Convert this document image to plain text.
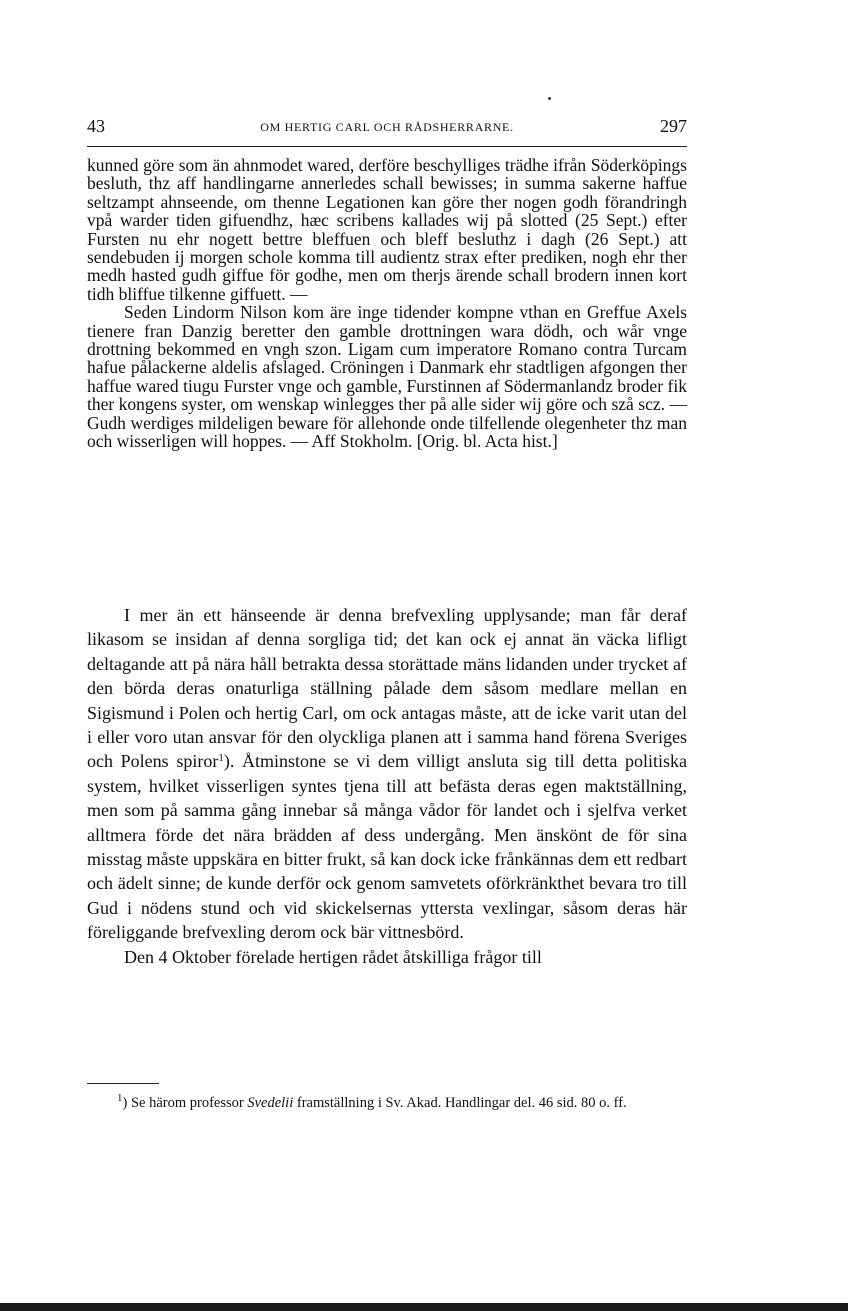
43	OM HERTIG CARL OCH RÅDSHERRARNE.	297

kunned göre som än ahnmodet wared, derföre beschylliges trädhe ifrån Söderköpings besluth, thz aff handlingarne annerledes schall bewisses; in summa sakerne haffue seltzampt ahnseende, om thenne Legationen kan göre ther nogen godh förandringh vpå warder tiden gifuendhz, hæc scribens kallades wij på slotted (25 Sept.) efter Fursten nu ehr nogett bettre bleffuen och bleff besluthz i dagh (26 Sept.) att sendebuden ij morgen schole komma till audientz strax efter prediken, nogh ehr ther medh hasted gudh giffue för godhe, men om therjs ärende schall brodern innen kort tidh bliffue tilkenne giffuett. —

Seden Lindorm Nilson kom äre inge tidender kompne vthan en Greffue Axels tienere fran Danzig beretter den gamble drottningen wara dödh, och wår vnge drottning bekommed en vngh szon. Ligam cum imperatore Romano contra Turcam hafue pålackerne aldelis afslaged. Cröningen i Danmark ehr stadtligen afgongen ther haffue wared tiugu Furster vnge och gamble, Furstinnen af Södermanlandz broder fik ther kongens syster, om wenskap winlegges ther på alle sider wij göre och szå scz. — Gudh werdiges mildeligen beware för allehonde onde tilfellende olegenheter thz man och wisserligen will hoppes. — Aff Stokholm. [Orig. bl. Acta hist.]

I mer än ett hänseende är denna brefvexling upplysande; man får deraf likasom se insidan af denna sorgliga tid; det kan ock ej annat än väcka lifligt deltagande att på nära håll betrakta dessa storättade mäns lidanden under trycket af den börda deras onaturliga ställning pålade dem såsom medlare mellan en Sigismund i Polen och hertig Carl, om ock antagas måste, att de icke varit utan del i eller voro utan ansvar för den olyckliga planen att i samma hand förena Sveriges och Polens spiror$^1$). Åtminstone se vi dem villigt ansluta sig till detta politiska system, hvilket visserligen syntes tjena till att befästa deras egen maktställning, men som på samma gång innebar så många vådor för landet och i sjelfva verket alltmera förde det nära brädden af dess undergång. Men änskönt de för sina misstag måste uppskära en bitter frukt, så kan dock icke frånkännas dem ett redbart och ädelt sinne; de kunde derför ock genom samvetets oförkränkthet bevara tro till Gud i nödens stund och vid skickelsernas yttersta vexlingar, såsom deras här föreliggande brefvexling derom ock bär vittnesbörd.

Den 4 Oktober förelade hertigen rådet åtskilliga frågor till

$^1$) Se härom professor Svedelii framställning i Sv. Akad. Handlingar del. 46 sid. 80 o. ff.
